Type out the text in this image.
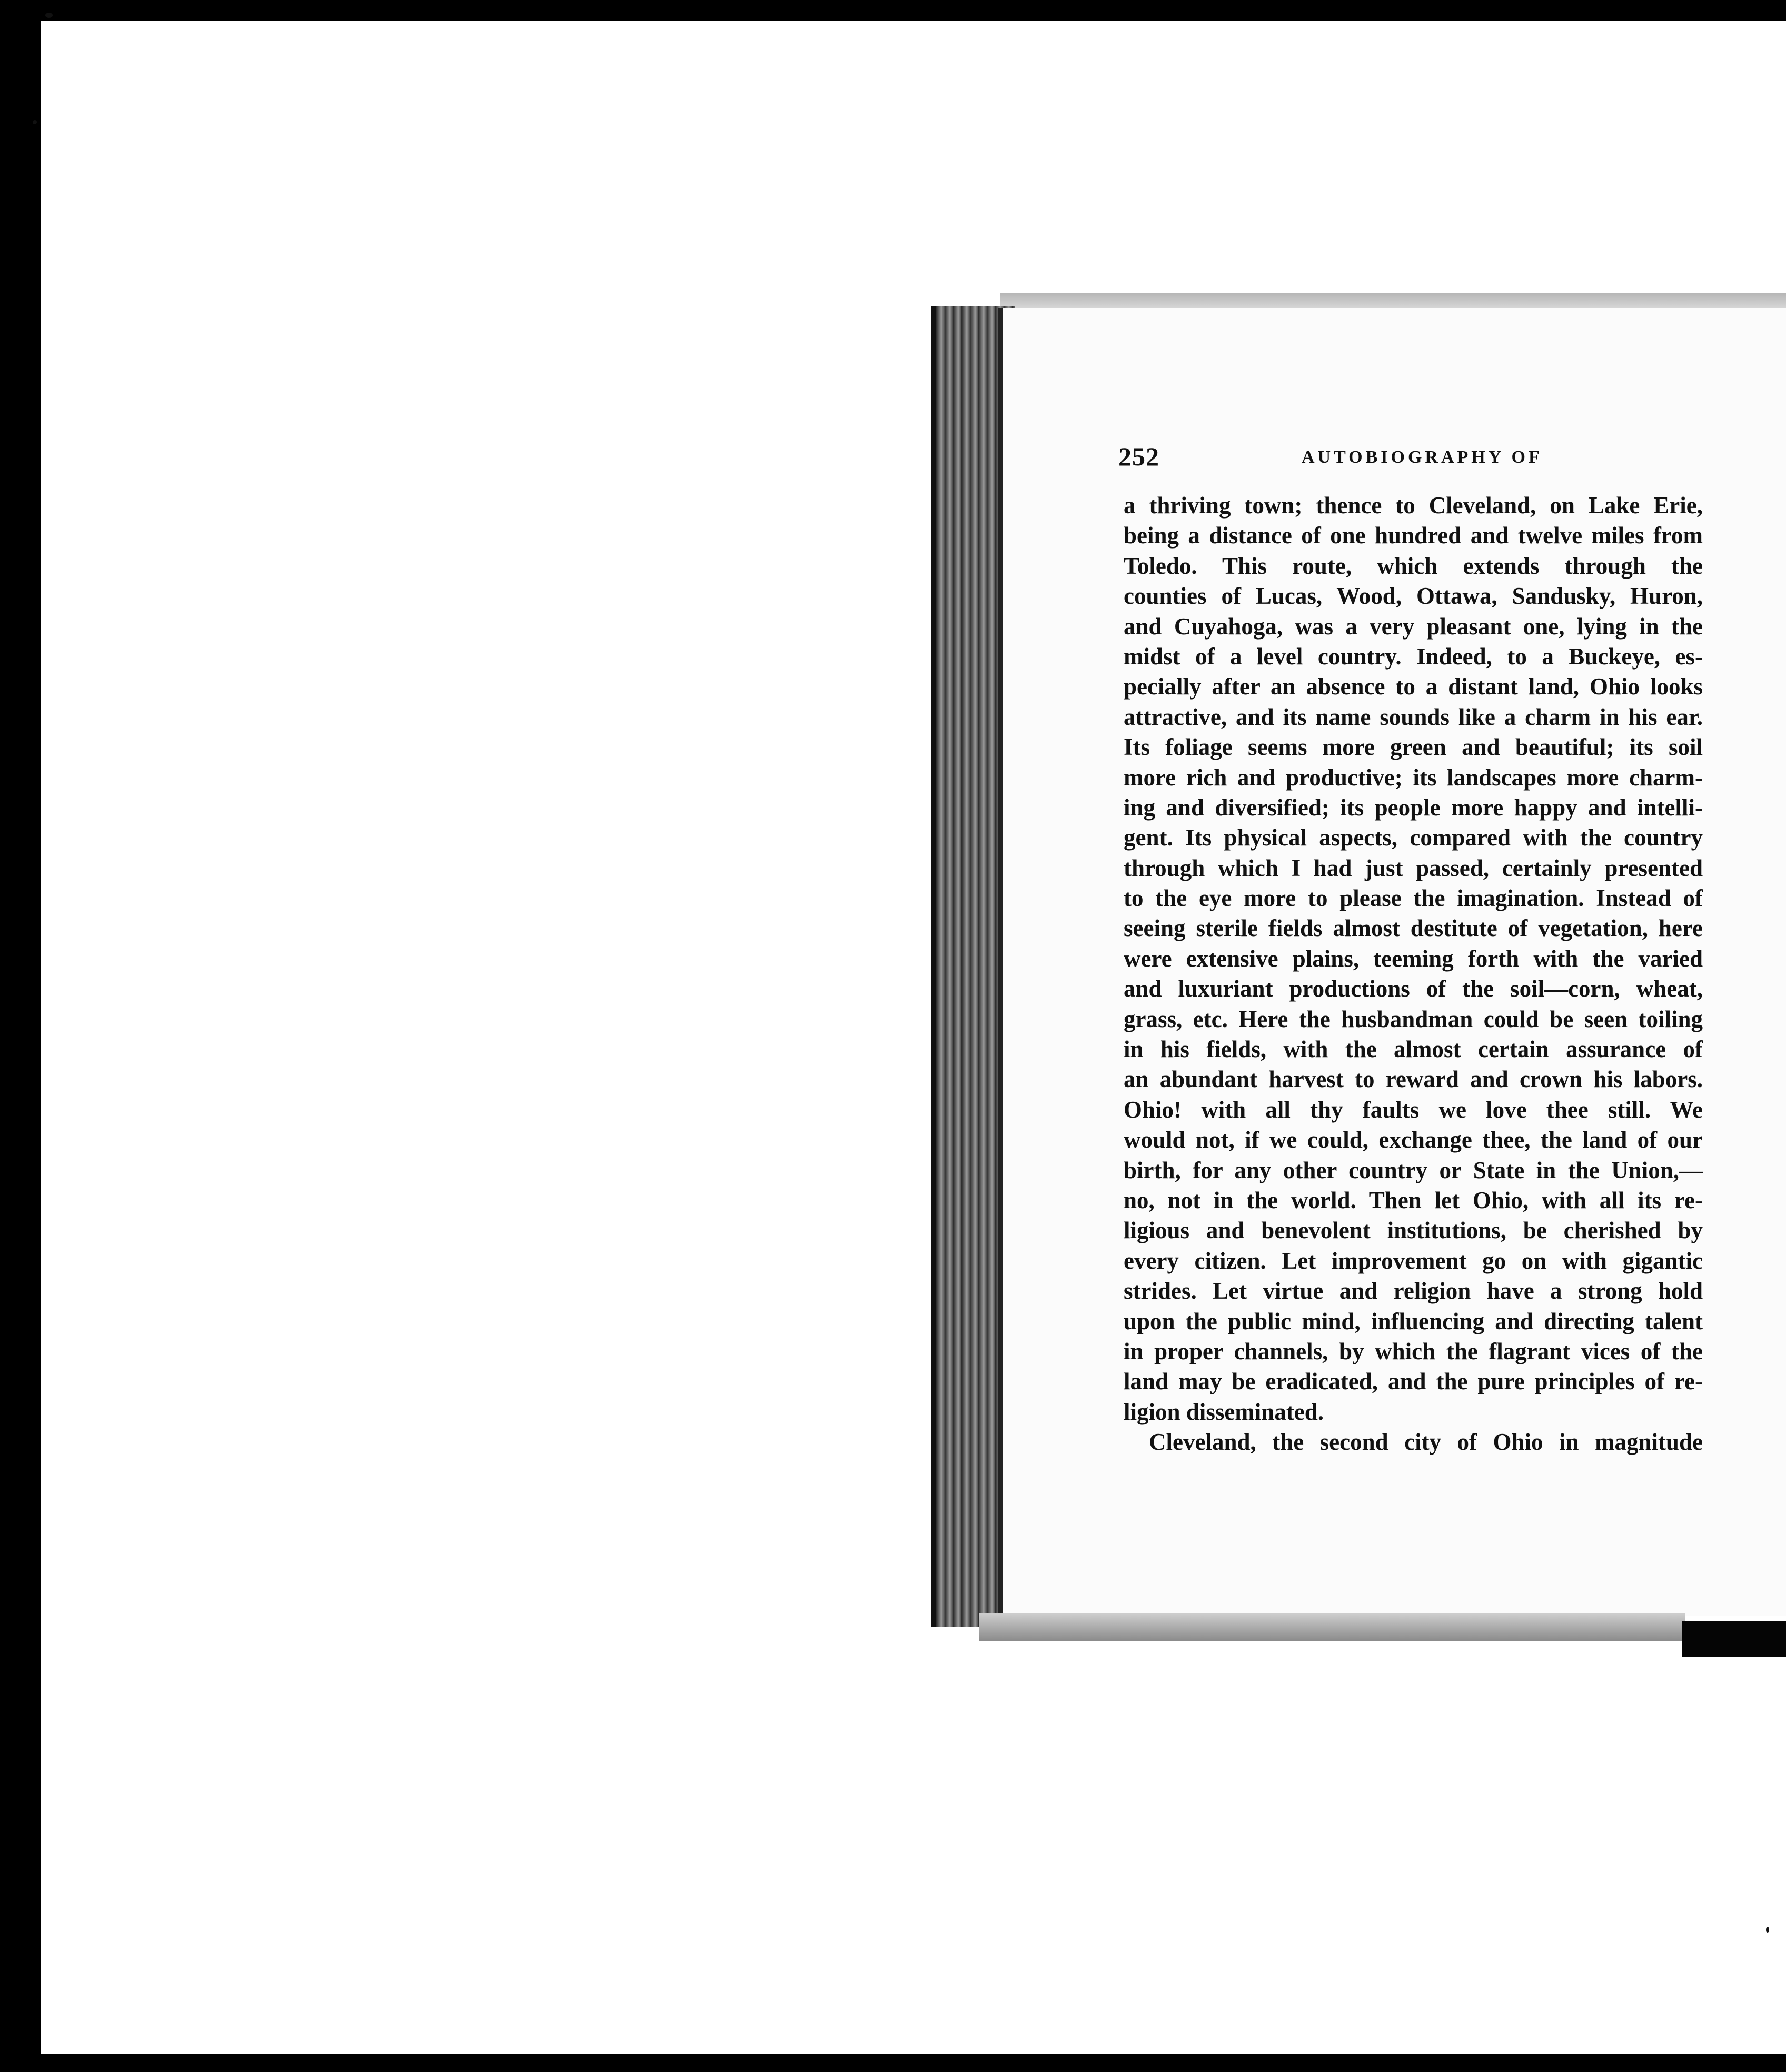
252	AUTOBIOGRAPHY OF
a thriving town; thence to Cleveland, on Lake Erie,
being a distance of one hundred and twelve miles from
Toledo. This route, which extends through the
counties of Lucas, Wood, Ottawa, Sandusky, Huron,
and Cuyahoga, was a very pleasant one, lying in the
midst of a level country. Indeed, to a Buckeye, es-
pecially after an absence to a distant land, Ohio looks
attractive, and its name sounds like a charm in his ear.
Its foliage seems more green and beautiful; its soil
more rich and productive; its landscapes more charm-
ing and diversified; its people more happy and intelli-
gent. Its physical aspects, compared with the country
through which I had just passed, certainly presented
to the eye more to please the imagination. Instead of
seeing sterile fields almost destitute of vegetation, here
were extensive plains, teeming forth with the varied
and luxuriant productions of the soil—corn, wheat,
grass, etc. Here the husbandman could be seen toiling
in his fields, with the almost certain assurance of
an abundant harvest to reward and crown his labors.
Ohio! with all thy faults we love thee still. We
would not, if we could, exchange thee, the land of our
birth, for any other country or State in the Union,—
no, not in the world. Then let Ohio, with all its re-
ligious and benevolent institutions, be cherished by
every citizen. Let improvement go on with gigantic
strides. Let virtue and religion have a strong hold
upon the public mind, influencing and directing talent
in proper channels, by which the flagrant vices of the
land may be eradicated, and the pure principles of re-
ligion disseminated.
Cleveland, the second city of Ohio in magnitude
